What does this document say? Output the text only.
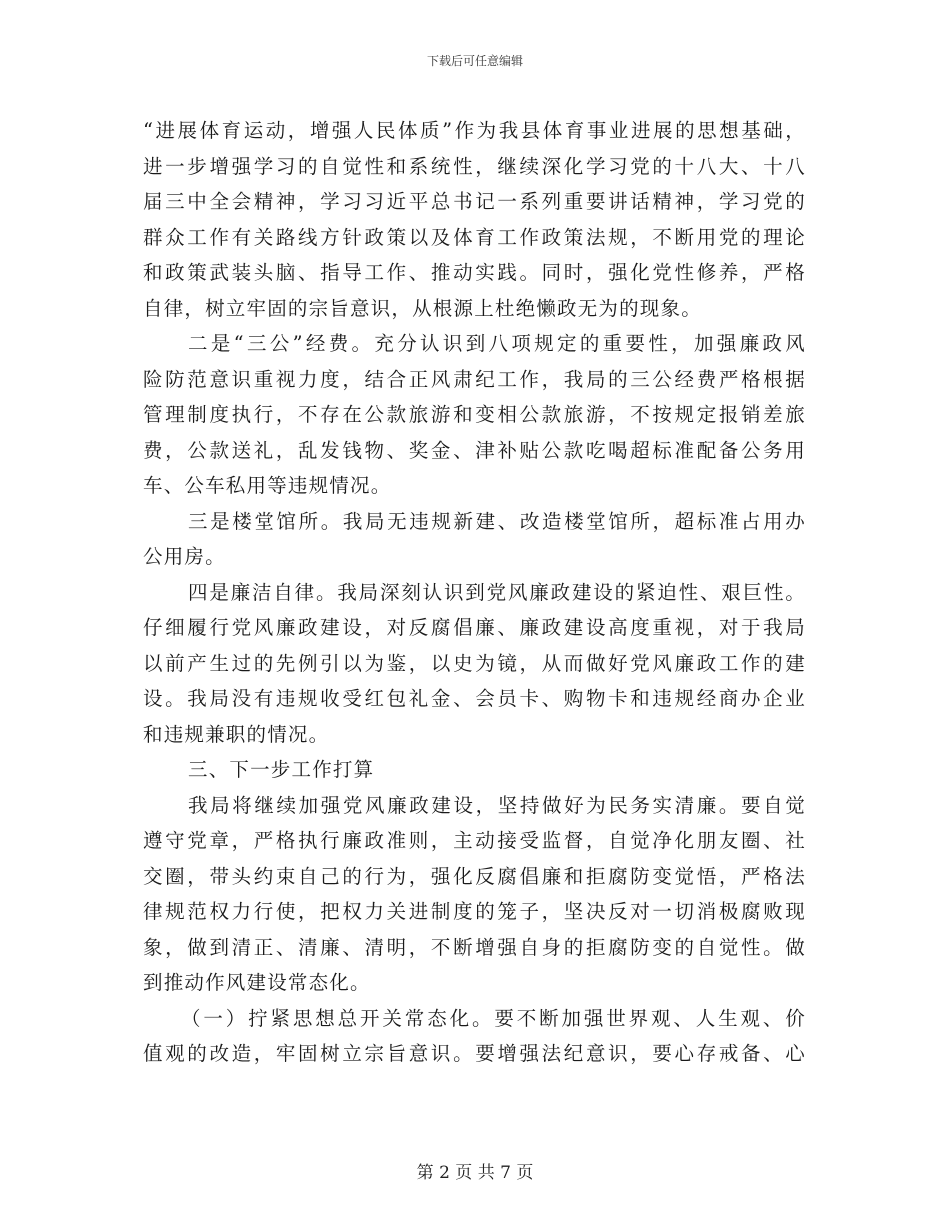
下载后可任意编辑
“进展体育运动，增强人民体质”作为我县体育事业进展的思想基础，
进一步增强学习的自觉性和系统性，继续深化学习党的十八大、十八
届三中全会精神，学习习近平总书记一系列重要讲话精神，学习党的
群众工作有关路线方针政策以及体育工作政策法规，不断用党的理论
和政策武装头脑、指导工作、推动实践。同时，强化党性修养，严格
自律，树立牢固的宗旨意识，从根源上杜绝懒政无为的现象。
二是“三公”经费。充分认识到八项规定的重要性，加强廉政风
险防范意识重视力度，结合正风肃纪工作，我局的三公经费严格根据
管理制度执行，不存在公款旅游和变相公款旅游，不按规定报销差旅
费，公款送礼，乱发钱物、奖金、津补贴公款吃喝超标准配备公务用
车、公车私用等违规情况。
三是楼堂馆所。我局无违规新建、改造楼堂馆所，超标准占用办
公用房。
四是廉洁自律。我局深刻认识到党风廉政建设的紧迫性、艰巨性。
仔细履行党风廉政建设，对反腐倡廉、廉政建设高度重视，对于我局
以前产生过的先例引以为鉴，以史为镜，从而做好党风廉政工作的建
设。我局没有违规收受红包礼金、会员卡、购物卡和违规经商办企业
和违规兼职的情况。
三、下一步工作打算
我局将继续加强党风廉政建设，坚持做好为民务实清廉。要自觉
遵守党章，严格执行廉政准则，主动接受监督，自觉净化朋友圈、社
交圈，带头约束自己的行为，强化反腐倡廉和拒腐防变觉悟，严格法
律规范权力行使，把权力关进制度的笼子，坚决反对一切消极腐败现
象，做到清正、清廉、清明，不断增强自身的拒腐防变的自觉性。做
到推动作风建设常态化。
（一）拧紧思想总开关常态化。要不断加强世界观、人生观、价
值观的改造，牢固树立宗旨意识。要增强法纪意识，要心存戒备、心
第 2 页 共 7 页
